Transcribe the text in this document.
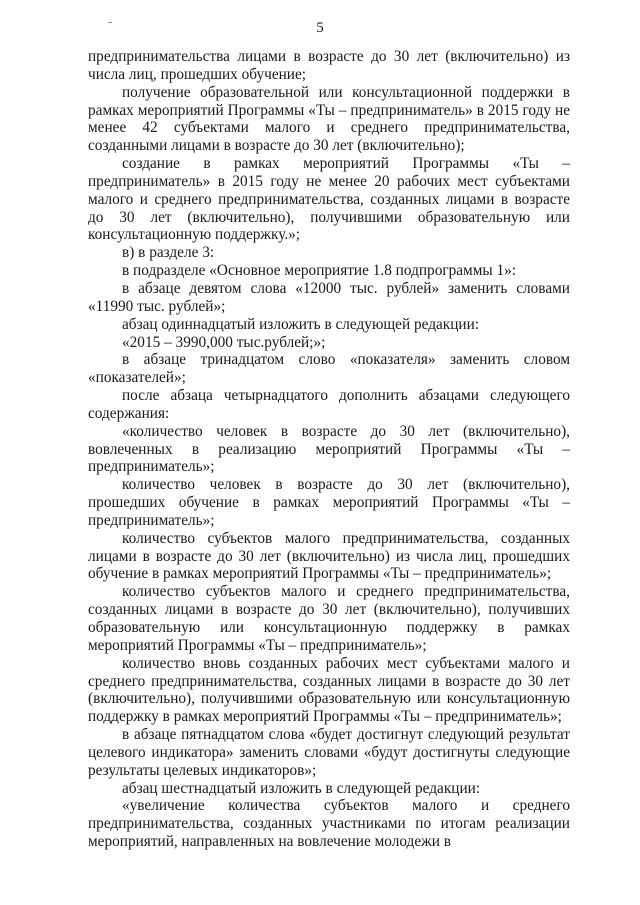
5

предпринимательства лицами в возрасте до 30 лет (включительно) из числа лиц, прошедших обучение;

получение образовательной или консультационной поддержки в рамках мероприятий Программы «Ты – предприниматель» в 2015 году не менее 42 субъектами малого и среднего предпринимательства, созданными лицами в возрасте до 30 лет (включительно);

создание в рамках мероприятий Программы «Ты – предприниматель» в 2015 году не менее 20 рабочих мест субъектами малого и среднего предпринимательства, созданных лицами в возрасте до 30 лет (включительно), получившими образовательную или консультационную поддержку.»;

в) в разделе 3:

в подразделе «Основное мероприятие 1.8 подпрограммы 1»:

в абзаце девятом слова «12000 тыс. рублей» заменить словами «11990 тыс. рублей»;

абзац одиннадцатый изложить в следующей редакции:

«2015 – 3990,000 тыс.рублей;»;

в абзаце тринадцатом слово «показателя» заменить словом «показателей»;

после абзаца четырнадцатого дополнить абзацами следующего содержания:

«количество человек в возрасте до 30 лет (включительно), вовлеченных в реализацию мероприятий Программы «Ты – предприниматель»;

количество человек в возрасте до 30 лет (включительно), прошедших обучение в рамках мероприятий Программы «Ты – предприниматель»;

количество субъектов малого предпринимательства, созданных лицами в возрасте до 30 лет (включительно) из числа лиц, прошедших обучение в рамках мероприятий Программы «Ты – предприниматель»;

количество субъектов малого и среднего предпринимательства, созданных лицами в возрасте до 30 лет (включительно), получивших образовательную или консультационную поддержку в рамках мероприятий Программы «Ты – предприниматель»;

количество вновь созданных рабочих мест субъектами малого и среднего предпринимательства, созданных лицами в возрасте до 30 лет (включительно), получившими образовательную или консультационную поддержку в рамках мероприятий Программы «Ты – предприниматель»;

в абзаце пятнадцатом слова «будет достигнут следующий результат целевого индикатора» заменить словами «будут достигнуты следующие результаты целевых индикаторов»;

абзац шестнадцатый изложить в следующей редакции:

«увеличение количества субъектов малого и среднего предпринимательства, созданных участниками по итогам реализации мероприятий, направленных на вовлечение молодежи в
